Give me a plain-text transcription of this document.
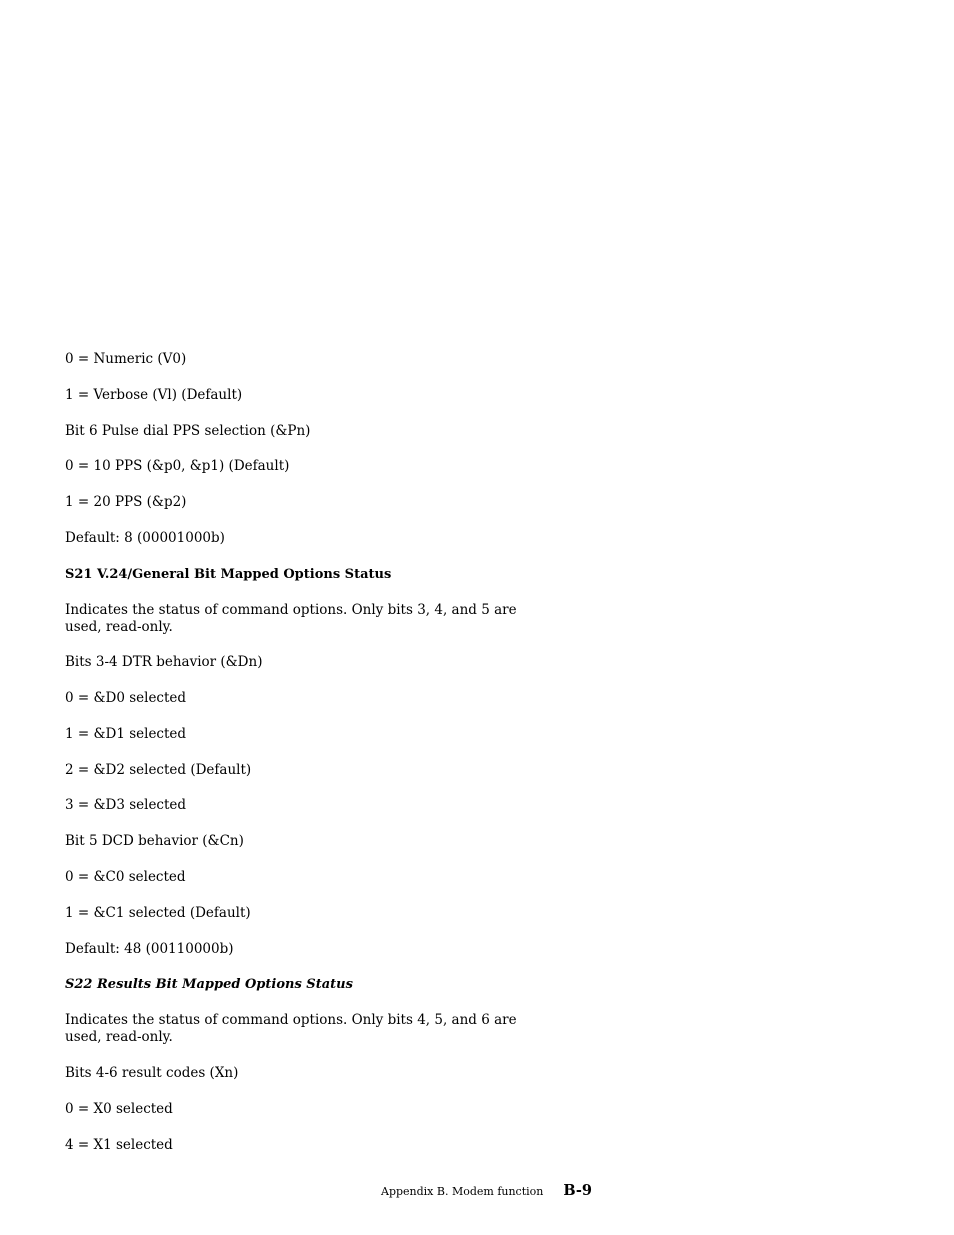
0 = Numeric (V0)
1 = Verbose (Vl) (Default)
Bit 6 Pulse dial PPS selection (&Pn)
0 = 10 PPS (&p0, &p1) (Default)
1 = 20 PPS (&p2)
Default: 8 (00001000b)
S21 V.24/General Bit Mapped Options Status
Indicates the status of command options. Only bits 3, 4, and 5 are used, read-only.
Bits 3-4 DTR behavior (&Dn)
0 = &D0 selected
1 = &D1 selected
2 = &D2 selected (Default)
3 = &D3 selected
Bit 5 DCD behavior (&Cn)
0 = &C0 selected
1 = &C1 selected (Default)
Default: 48 (00110000b)
S22 Results Bit Mapped Options Status
Indicates the status of command options. Only bits 4, 5, and 6 are used, read-only.
Bits 4-6 result codes (Xn)
0 = X0 selected
4 = X1 selected
Appendix B. Modem function B-9
